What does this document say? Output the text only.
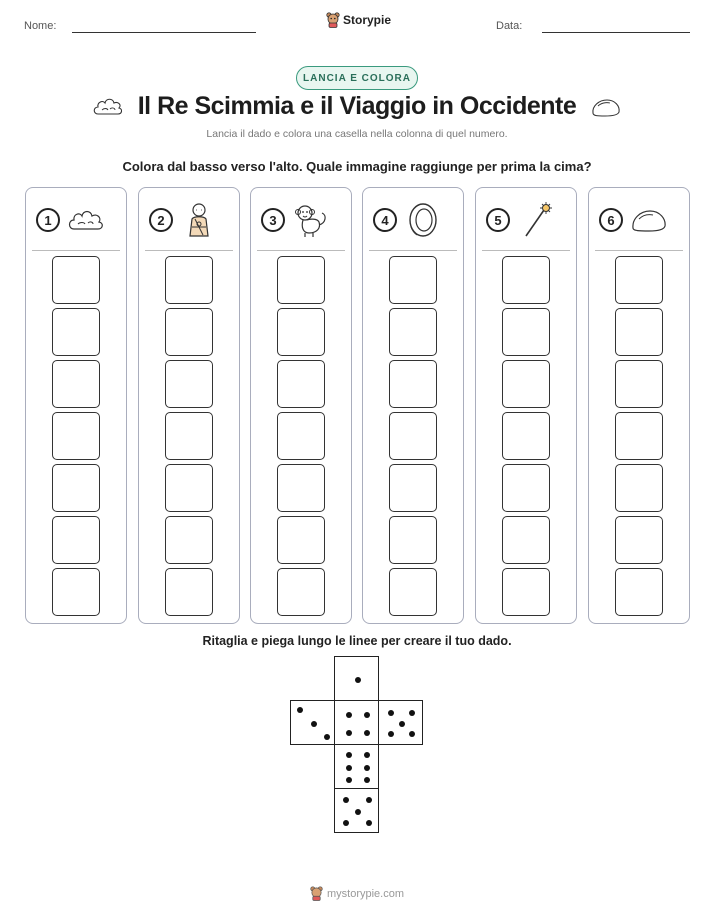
Nome:	Data:
Storypie
LANCIA E COLORA
Il Re Scimmia e il Viaggio in Occidente
Lancia il dado e colora una casella nella colonna di quel numero.
Colora dal basso verso l'alto. Quale immagine raggiunge per prima la cima?
1	2	3	4	5	6
Ritaglia e piega lungo le linee per creare il tuo dado.
mystorypie.com
